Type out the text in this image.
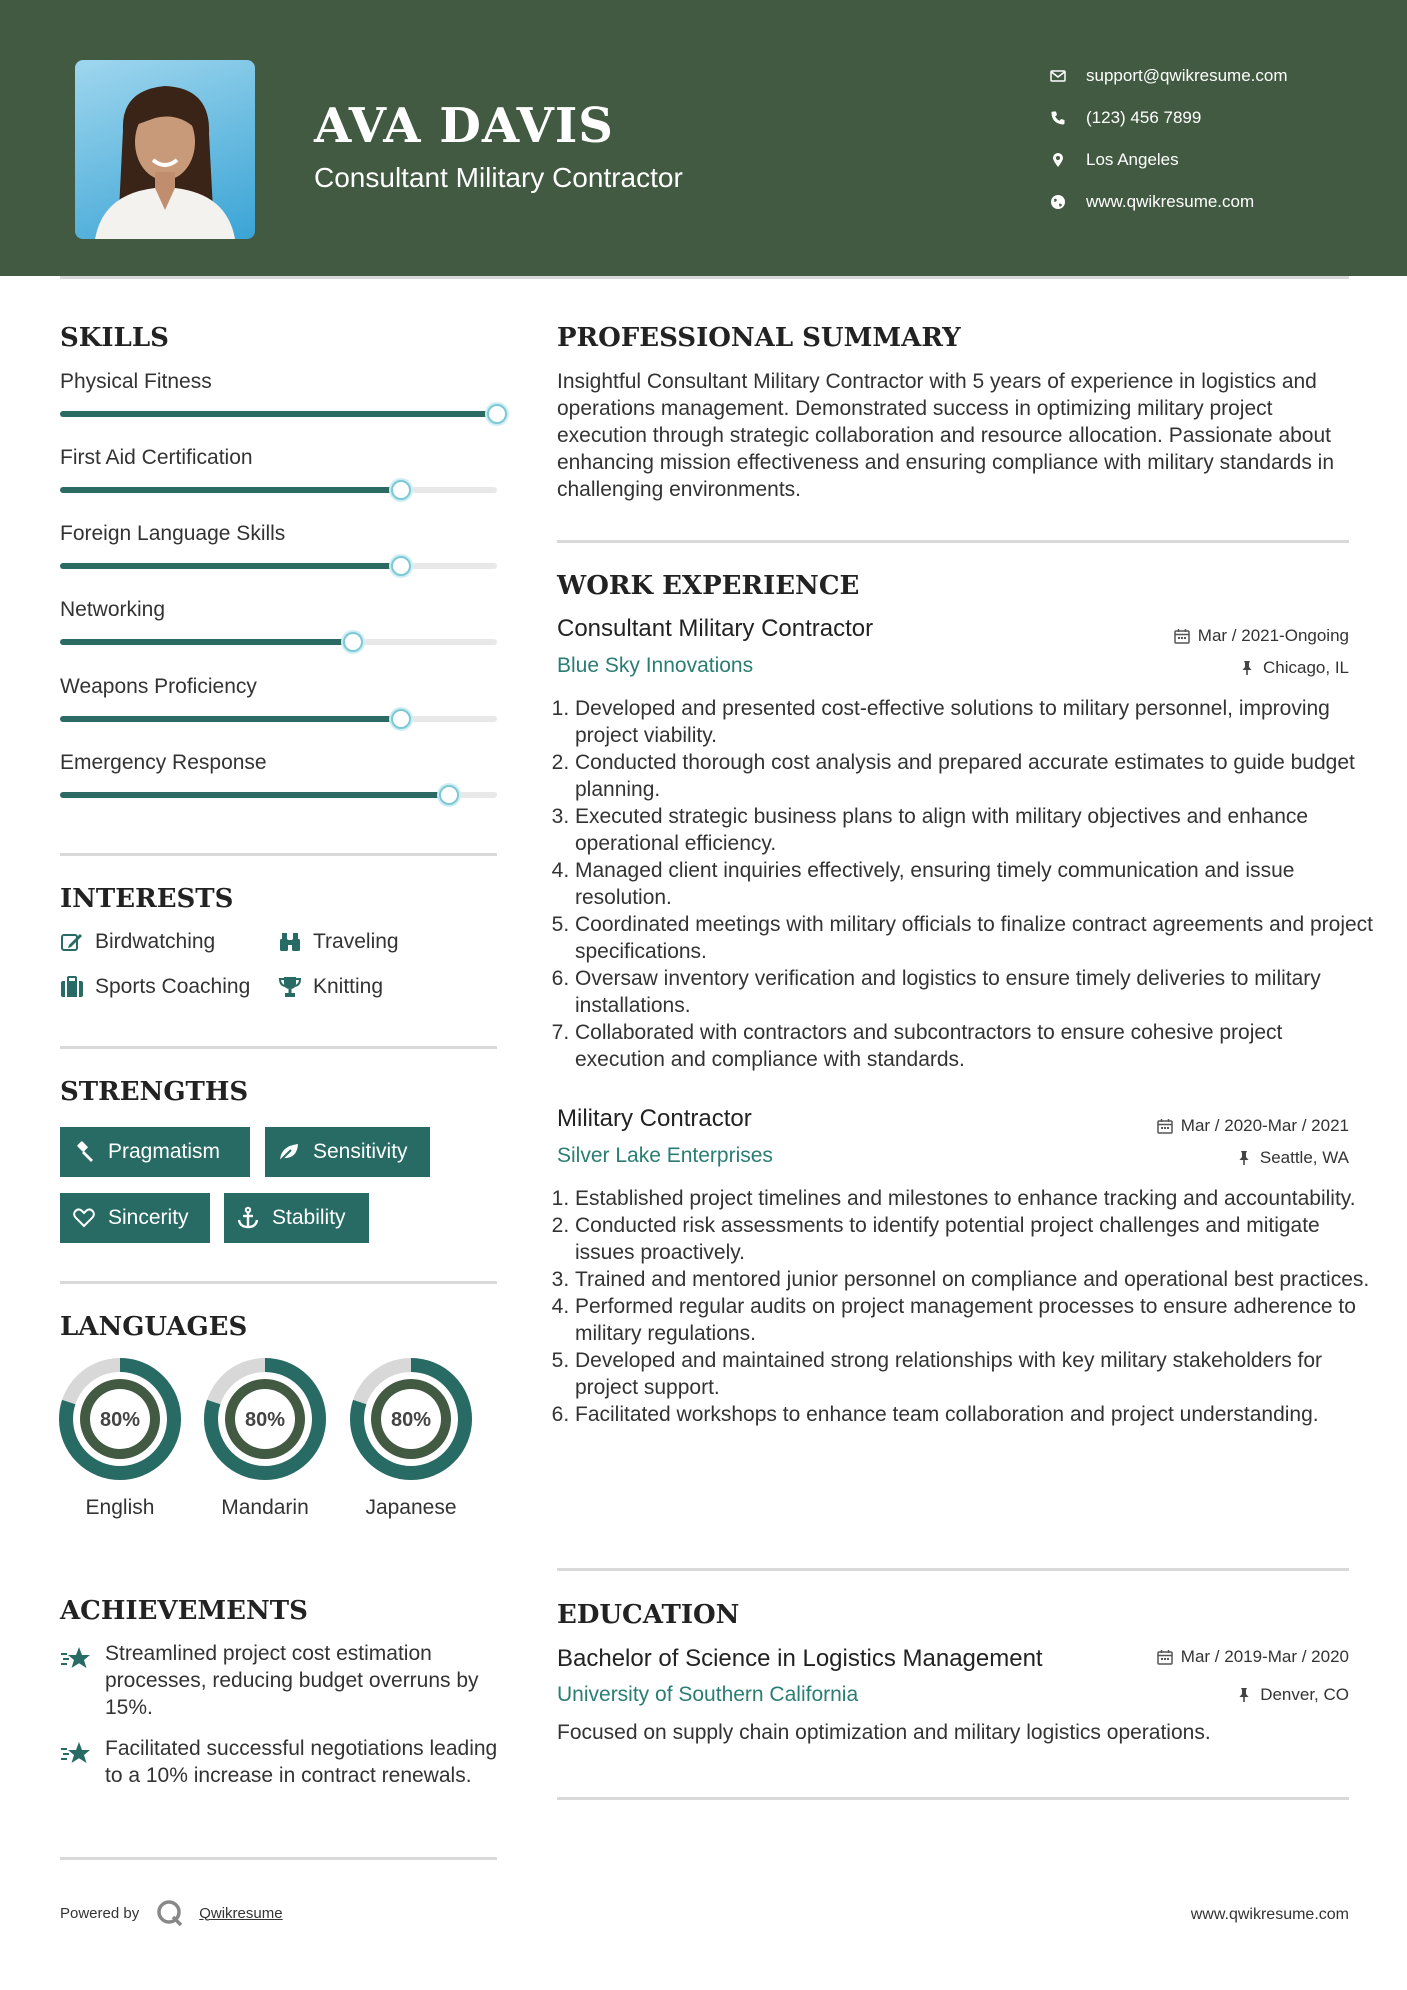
AVA DAVIS
Consultant Military Contractor
support@qwikresume.com
(123) 456 7899
Los Angeles
www.qwikresume.com
SKILLS
Physical Fitness
First Aid Certification
Foreign Language Skills
Networking
Weapons Proficiency
Emergency Response
INTERESTS
Birdwatching	Traveling
Sports Coaching	Knitting
STRENGTHS
Pragmatism	Sensitivity
Sincerity	Stability
LANGUAGES
80%
English
80%
Mandarin
80%
Japanese
ACHIEVEMENTS
Streamlined project cost estimation processes, reducing budget overruns by 15%.
Facilitated successful negotiations leading to a 10% increase in contract renewals.
PROFESSIONAL SUMMARY

Insightful Consultant Military Contractor with 5 years of experience in logistics and operations management. Demonstrated success in optimizing military project execution through strategic collaboration and resource allocation. Passionate about enhancing mission effectiveness and ensuring compliance with military standards in challenging environments.

WORK EXPERIENCE
Consultant Military Contractor	Mar / 2021-Ongoing
Blue Sky Innovations	Chicago, IL
1. Developed and presented cost-effective solutions to military personnel, improving project viability.
2. Conducted thorough cost analysis and prepared accurate estimates to guide budget planning.
3. Executed strategic business plans to align with military objectives and enhance operational efficiency.
4. Managed client inquiries effectively, ensuring timely communication and issue resolution.
5. Coordinated meetings with military officials to finalize contract agreements and project specifications.
6. Oversaw inventory verification and logistics to ensure timely deliveries to military installations.
7. Collaborated with contractors and subcontractors to ensure cohesive project execution and compliance with standards.
Military Contractor	Mar / 2020-Mar / 2021
Silver Lake Enterprises	Seattle, WA
1. Established project timelines and milestones to enhance tracking and accountability.
2. Conducted risk assessments to identify potential project challenges and mitigate issues proactively.
3. Trained and mentored junior personnel on compliance and operational best practices.
4. Performed regular audits on project management processes to ensure adherence to military regulations.
5. Developed and maintained strong relationships with key military stakeholders for project support.
6. Facilitated workshops to enhance team collaboration and project understanding.
EDUCATION
Bachelor of Science in Logistics Management	Mar / 2019-Mar / 2020
University of Southern California	Denver, CO

Focused on supply chain optimization and military logistics operations.

Powered by	Qwikresume	www.qwikresume.com
